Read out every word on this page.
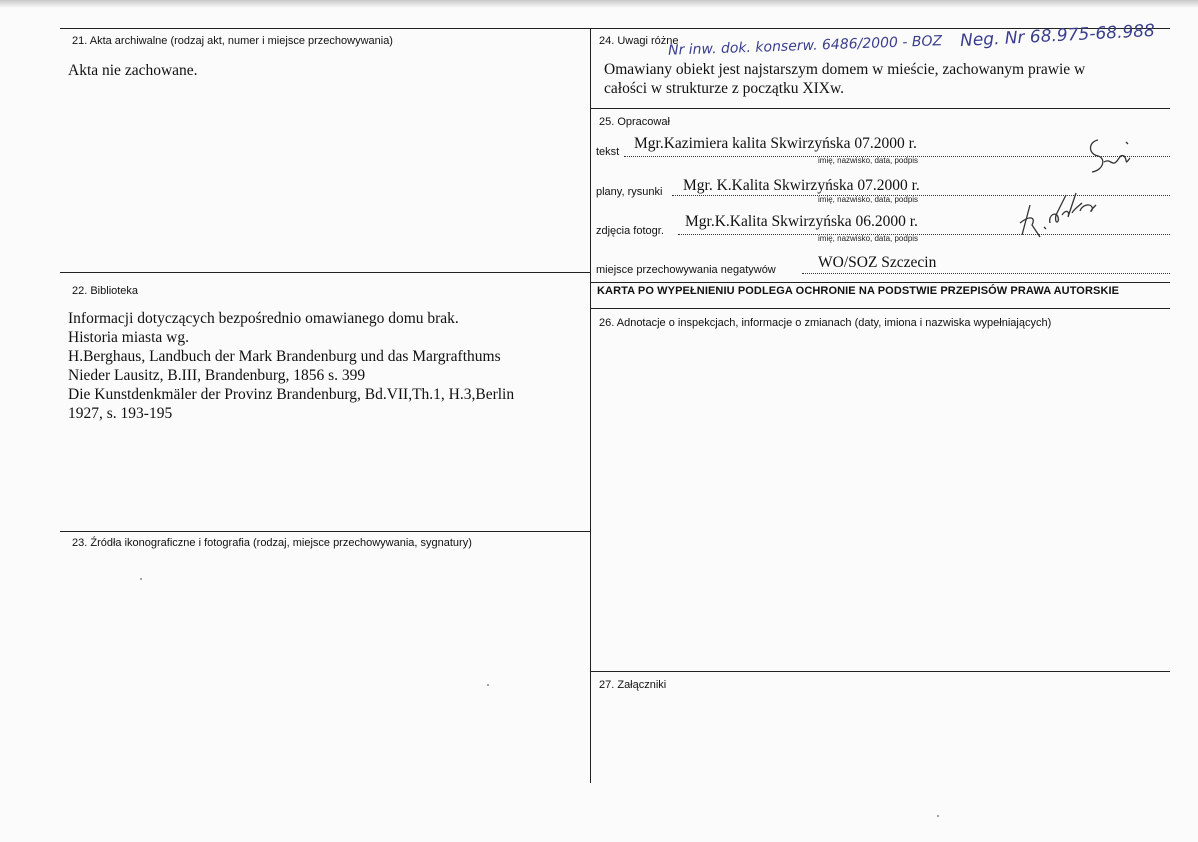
21. Akta archiwalne (rodzaj akt, numer i miejsce przechowywania)
Akta nie zachowane.
22. Biblioteka
Informacji dotyczących bezpośrednio omawianego domu brak.
Historia miasta wg.
H.Berghaus, Landbuch der Mark Brandenburg und das Margrafthums
Nieder Lausitz, B.III, Brandenburg, 1856 s. 399
Die Kunstdenkmäler der Provinz Brandenburg, Bd.VII,Th.1, H.3,Berlin
1927, s. 193-195
23. Źródła ikonograficzne i fotografia (rodzaj, miejsce przechowywania, sygnatury)
24. Uwagi różne
Nr inw. dok. konserw. 6486/2000 - BOZ Neg. Nr 68.975-68.988
Omawiany obiekt jest najstarszym domem w mieście, zachowanym prawie w
całości w strukturze z początku XIXw.
25. Opracował
tekst Mgr.Kazimiera kalita Skwirzyńska 07.2000 r.
imię, nazwisko, data, podpis
plany, rysunki Mgr. K.Kalita Skwirzyńska 07.2000 r.
imię, nazwisko, data, podpis
zdjęcia fotogr.
Mgr.K.Kalita Skwirzyńska 06.2000 r.
imię, nazwisko, data, podpis
miejsce przechowywania negatywów	WO/SOZ Szczecin
KARTA PO WYPEŁNIENIU PODLEGA OCHRONIE NA PODSTWIE PRZEPISÓW PRAWA AUTORSKIE
26. Adnotacje o inspekcjach, informacje o zmianach (daty, imiona i nazwiska wypełniających)
27. Załączniki
